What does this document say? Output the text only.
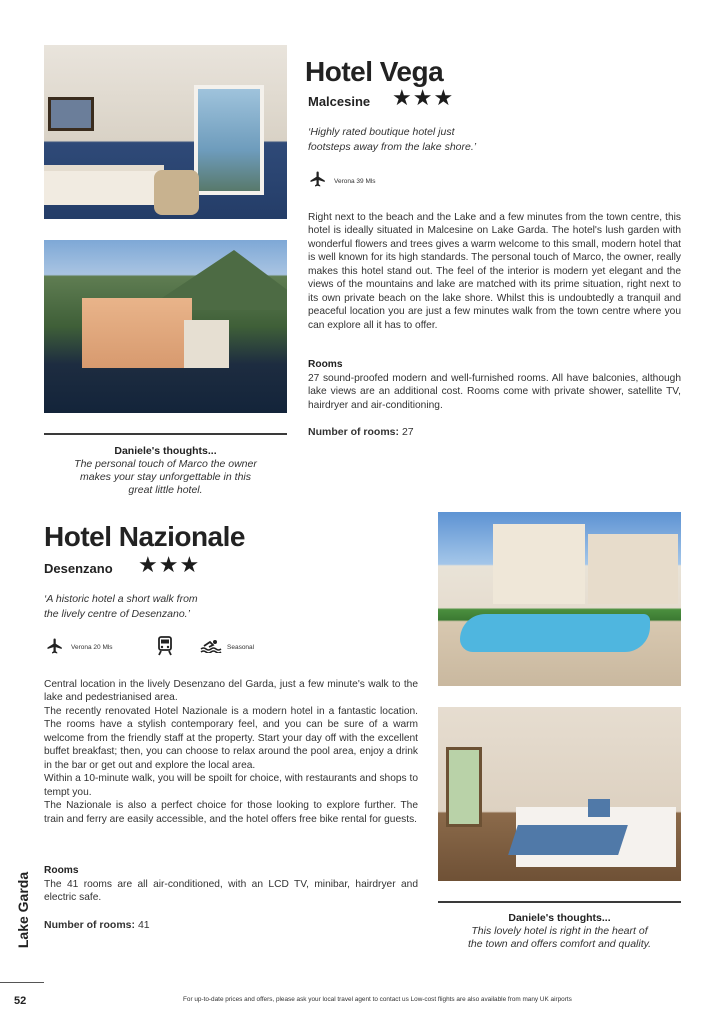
Hotel Vega
Malcesine ★★★
‘Highly rated boutique hotel just
footsteps away from the lake shore.’
Verona 39 Mls
Right next to the beach and the Lake and a few minutes from the town centre, this hotel is ideally situated in Malcesine on Lake Garda. The hotel's lush garden with wonderful flowers and trees gives a warm welcome to this small, modern hotel that is well known for its high standards. The personal touch of Marco, the owner, really makes this hotel stand out. The feel of the interior is modern yet elegant and the views of the mountains and lake are matched with its prime situation, right next to its own private beach on the lake shore. Whilst this is undoubtedly a tranquil and peaceful location you are just a few minutes walk from the town centre where you can explore all it has to offer.
Rooms
27 sound-proofed modern and well-furnished rooms. All have balconies, although lake views are an additional cost. Rooms come with private shower, satellite TV, hairdryer and air-conditioning.
Number of rooms: 27
Daniele's thoughts...
The personal touch of Marco the owner
makes your stay unforgettable in this
great little hotel.
Hotel Nazionale
Desenzano ★★★
‘A historic hotel a short walk from
the lively centre of Desenzano.’
Verona 20 Mls	Seasonal

Central location in the lively Desenzano del Garda, just a few minute's walk to the lake and pedestrianised area.

The recently renovated Hotel Nazionale is a modern hotel in a fantastic location. The rooms have a stylish contemporary feel, and you can be sure of a warm welcome from the friendly staff at the property. Start your day off with the excellent buffet breakfast; then, you can choose to relax around the pool area, enjoy a drink in the bar or get out and explore the local area.

Within a 10-minute walk, you will be spoilt for choice, with restaurants and shops to tempt you.

The Nazionale is also a perfect choice for those looking to explore further. The train and ferry are easily accessible, and the hotel offers free bike rental for guests.

Rooms
The 41 rooms are all air-conditioned, with an LCD TV, minibar, hairdryer and electric safe.
Number of rooms: 41
Daniele's thoughts...
This lovely hotel is right in the heart of
the town and offers comfort and quality.
Lake Garda
52	For up-to-date prices and offers, please ask your local travel agent to contact us Low-cost flights are also available from many UK airports
